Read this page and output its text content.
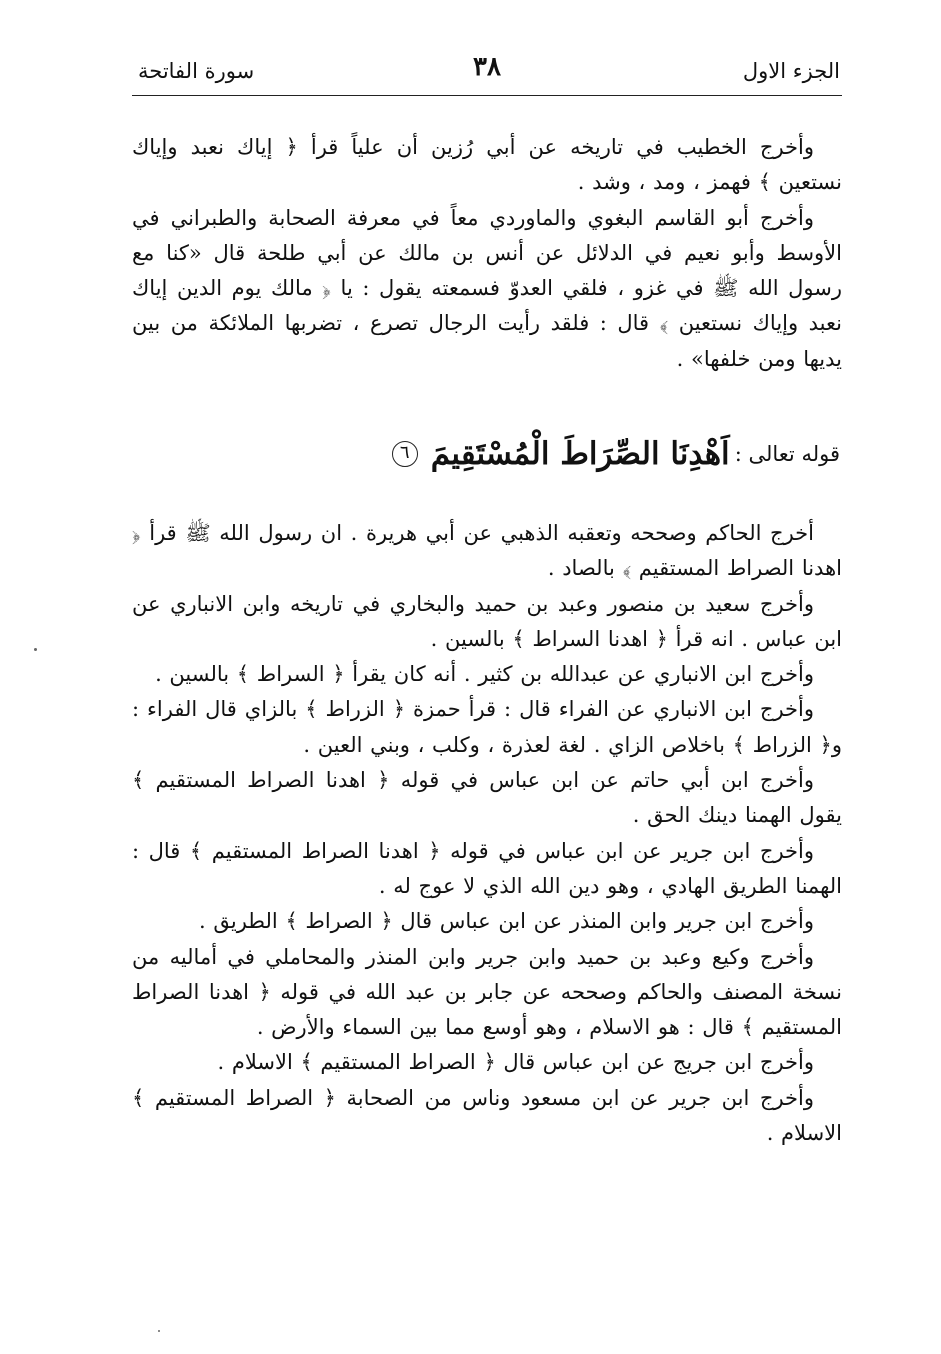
الجزء الاول
٣٨
سورة الفاتحة

وأخرج الخطيب في تاريخه عن أبي رُزين أن علياً قرأ ﴿ إياك نعبد وإياك نستعين ﴾ فهمز ، ومد ، وشد .

وأخرج أبو القاسم البغوي والماوردي معاً في معرفة الصحابة والطبراني في الأوسط وأبو نعيم في الدلائل عن أنس بن مالك عن أبي طلحة قال «كنا مع رسول الله ﷺ في غزو ، فلقي العدوّ فسمعته يقول : يا ﴿ مالك يوم الدين إياك نعبد وإياك نستعين ﴾ قال : فلقد رأيت الرجال تصرع ، تضربها الملائكة من بين يديها ومن خلفها» .

قوله تعالى : اَهْدِنَا الصِّرَاطَ الْمُسْتَقِيمَ ٦

أخرج الحاكم وصححه وتعقبه الذهبي عن أبي هريرة . ان رسول الله ﷺ قرأ ﴿ اهدنا الصراط المستقيم ﴾ بالصاد .

وأخرج سعيد بن منصور وعبد بن حميد والبخاري في تاريخه وابن الانباري عن ابن عباس . انه قرأ ﴿ اهدنا السراط ﴾ بالسين .

وأخرج ابن الانباري عن عبدالله بن كثير . أنه كان يقرأ ﴿ السراط ﴾ بالسين .

وأخرج ابن الانباري عن الفراء قال : قرأ حمزة ﴿ الزراط ﴾ بالزاي قال الفراء : و﴿ الزراط ﴾ باخلاص الزاي . لغة لعذرة ، وكلب ، وبني العين .

وأخرج ابن أبي حاتم عن ابن عباس في قوله ﴿ اهدنا الصراط المستقيم ﴾ يقول الهمنا دينك الحق .

وأخرج ابن جرير عن ابن عباس في قوله ﴿ اهدنا الصراط المستقيم ﴾ قال : الهمنا الطريق الهادي ، وهو دين الله الذي لا عوج له .

وأخرج ابن جرير وابن المنذر عن ابن عباس قال ﴿ الصراط ﴾ الطريق .

وأخرج وكيع وعبد بن حميد وابن جرير وابن المنذر والمحاملي في أماليه من نسخة المصنف والحاكم وصححه عن جابر بن عبد الله في قوله ﴿ اهدنا الصراط المستقيم ﴾ قال : هو الاسلام ، وهو أوسع مما بين السماء والأرض .

وأخرج ابن جريج عن ابن عباس قال ﴿ الصراط المستقيم ﴾ الاسلام .

وأخرج ابن جرير عن ابن مسعود وناس من الصحابة ﴿ الصراط المستقيم ﴾ الاسلام .
